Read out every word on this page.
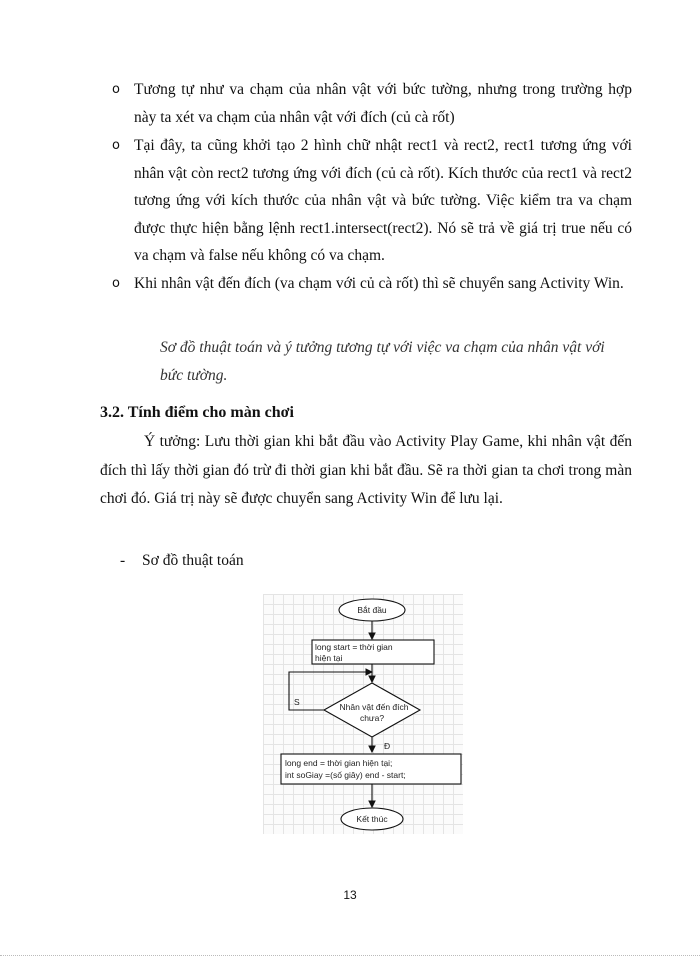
o Tương tự như va chạm của nhân vật với bức tường, nhưng trong trường hợp này ta xét va chạm của nhân vật với đích (củ cà rốt)
o Tại đây, ta cũng khởi tạo 2 hình chữ nhật rect1 và rect2, rect1 tương ứng với nhân vật còn rect2 tương ứng với đích (củ cà rốt). Kích thước của rect1 và rect2 tương ứng với kích thước của nhân vật và bức tường. Việc kiểm tra va chạm được thực hiện bằng lệnh rect1.intersect(rect2). Nó sẽ trả về giá trị true nếu có va chạm và false nếu không có va chạm.
o Khi nhân vật đến đích (va chạm với củ cà rốt) thì sẽ chuyển sang Activity Win.
Sơ đồ thuật toán và ý tưởng tương tự với việc va chạm của nhân vật với bức tường.
3.2. Tính điểm cho màn chơi
Ý tưởng: Lưu thời gian khi bắt đầu vào Activity Play Game, khi nhân vật đến đích thì lấy thời gian đó trừ đi thời gian khi bắt đầu. Sẽ ra thời gian ta chơi trong màn chơi đó. Giá trị này sẽ được chuyển sang Activity Win để lưu lại.
- Sơ đồ thuật toán
Bắt đầu
long start = thời gian
hiện tại
Nhân vật đến đích
chưa?
S
Đ
long end = thời gian hiện tại;
int soGiay =(số giây) end - start;
Kết thúc
13
